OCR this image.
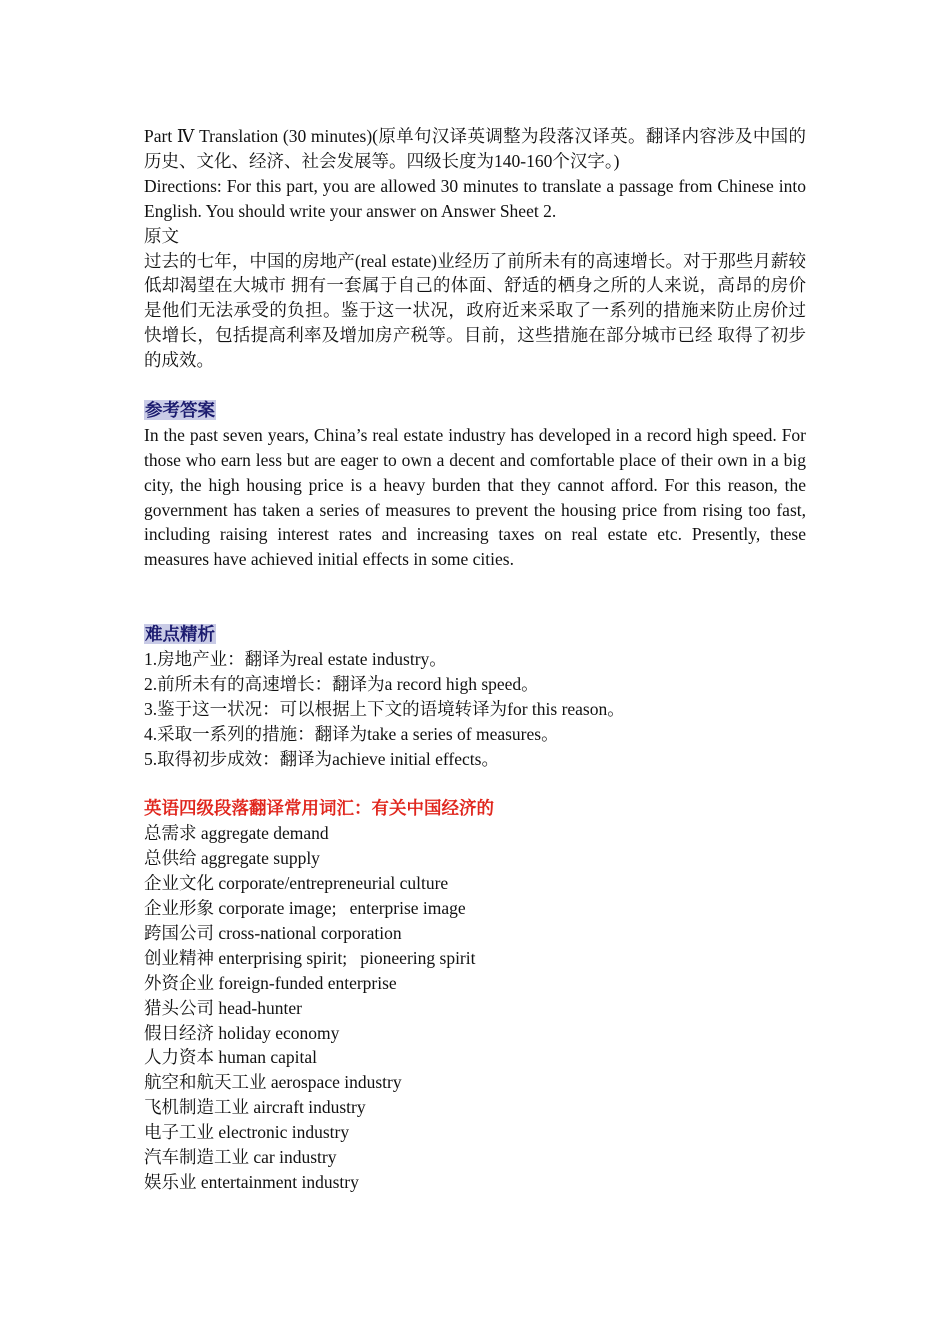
Part Ⅳ Translation (30 minutes)(原单句汉译英调整为段落汉译英。翻译内容涉及中国的历史、文化、经济、社会发展等。四级长度为140-160个汉字。)

Directions: For this part, you are allowed 30 minutes to translate a passage from Chinese into English. You should write your answer on Answer Sheet 2.

原文

过去的七年，中国的房地产(real estate)业经历了前所未有的高速增长。对于那些月薪较低却渴望在大城市 拥有一套属于自己的体面、舒适的栖身之所的人来说，高昂的房价是他们无法承受的负担。鉴于这一状况，政府近来采取了一系列的措施来防止房价过快增长，包括提高利率及增加房产税等。目前，这些措施在部分城市已经 取得了初步的成效。

参考答案

In the past seven years, China’s real estate industry has developed in a record high speed. For those who earn less but are eager to own a decent and comfortable place of their own in a big city, the high housing price is a heavy burden that they cannot afford. For this reason, the government has taken a series of measures to prevent the housing price from rising too fast, including raising interest rates and increasing taxes on real estate etc. Presently, these measures have achieved initial effects in some cities.

难点精析

1.房地产业：翻译为real estate industry。
2.前所未有的高速增长：翻译为a record high speed。
3.鉴于这一状况：可以根据上下文的语境转译为for this reason。
4.采取一系列的措施：翻译为take a series of measures。
5.取得初步成效：翻译为achieve initial effects。

英语四级段落翻译常用词汇：有关中国经济的

总需求 aggregate demand
总供给 aggregate supply
企业文化 corporate/entrepreneurial culture
企业形象 corporate image;   enterprise image
跨国公司 cross-national corporation
创业精神 enterprising spirit;   pioneering spirit
外资企业 foreign-funded enterprise
猎头公司 head-hunter
假日经济 holiday economy
人力资本 human capital
航空和航天工业 aerospace industry
飞机制造工业 aircraft industry
电子工业 electronic industry
汽车制造工业 car industry
娱乐业 entertainment industry
